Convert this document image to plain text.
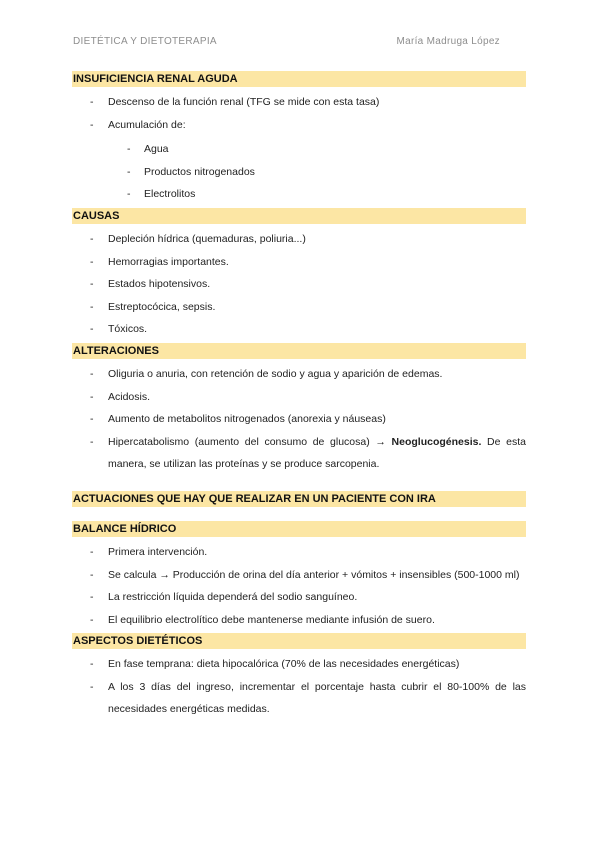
DIETÉTICA Y DIETOTERAPIA	María Madruga López
INSUFICIENCIA RENAL AGUDA
- Descenso de la función renal (TFG se mide con esta tasa)
- Acumulación de:
- Agua
- Productos nitrogenados
- Electrolitos
CAUSAS
- Depleción hídrica (quemaduras, poliuria...)
- Hemorragias importantes.
- Estados hipotensivos.
- Estreptocócica, sepsis.
- Tóxicos.
ALTERACIONES
- Oliguria o anuria, con retención de sodio y agua y aparición de edemas.
- Acidosis.
- Aumento de metabolitos nitrogenados (anorexia y náuseas)
- Hipercatabolismo (aumento del consumo de glucosa) → Neoglucogénesis. De esta manera, se utilizan las proteínas y se produce sarcopenia.
ACTUACIONES QUE HAY QUE REALIZAR EN UN PACIENTE CON IRA
BALANCE HÍDRICO
- Primera intervención.
- Se calcula → Producción de orina del día anterior + vómitos + insensibles (500-1000 ml)
- La restricción líquida dependerá del sodio sanguíneo.
- El equilibrio electrolítico debe mantenerse mediante infusión de suero.
ASPECTOS DIETÉTICOS
- En fase temprana: dieta hipocalórica (70% de las necesidades energéticas)
- A los 3 días del ingreso, incrementar el porcentaje hasta cubrir el 80-100% de las necesidades energéticas medidas.
